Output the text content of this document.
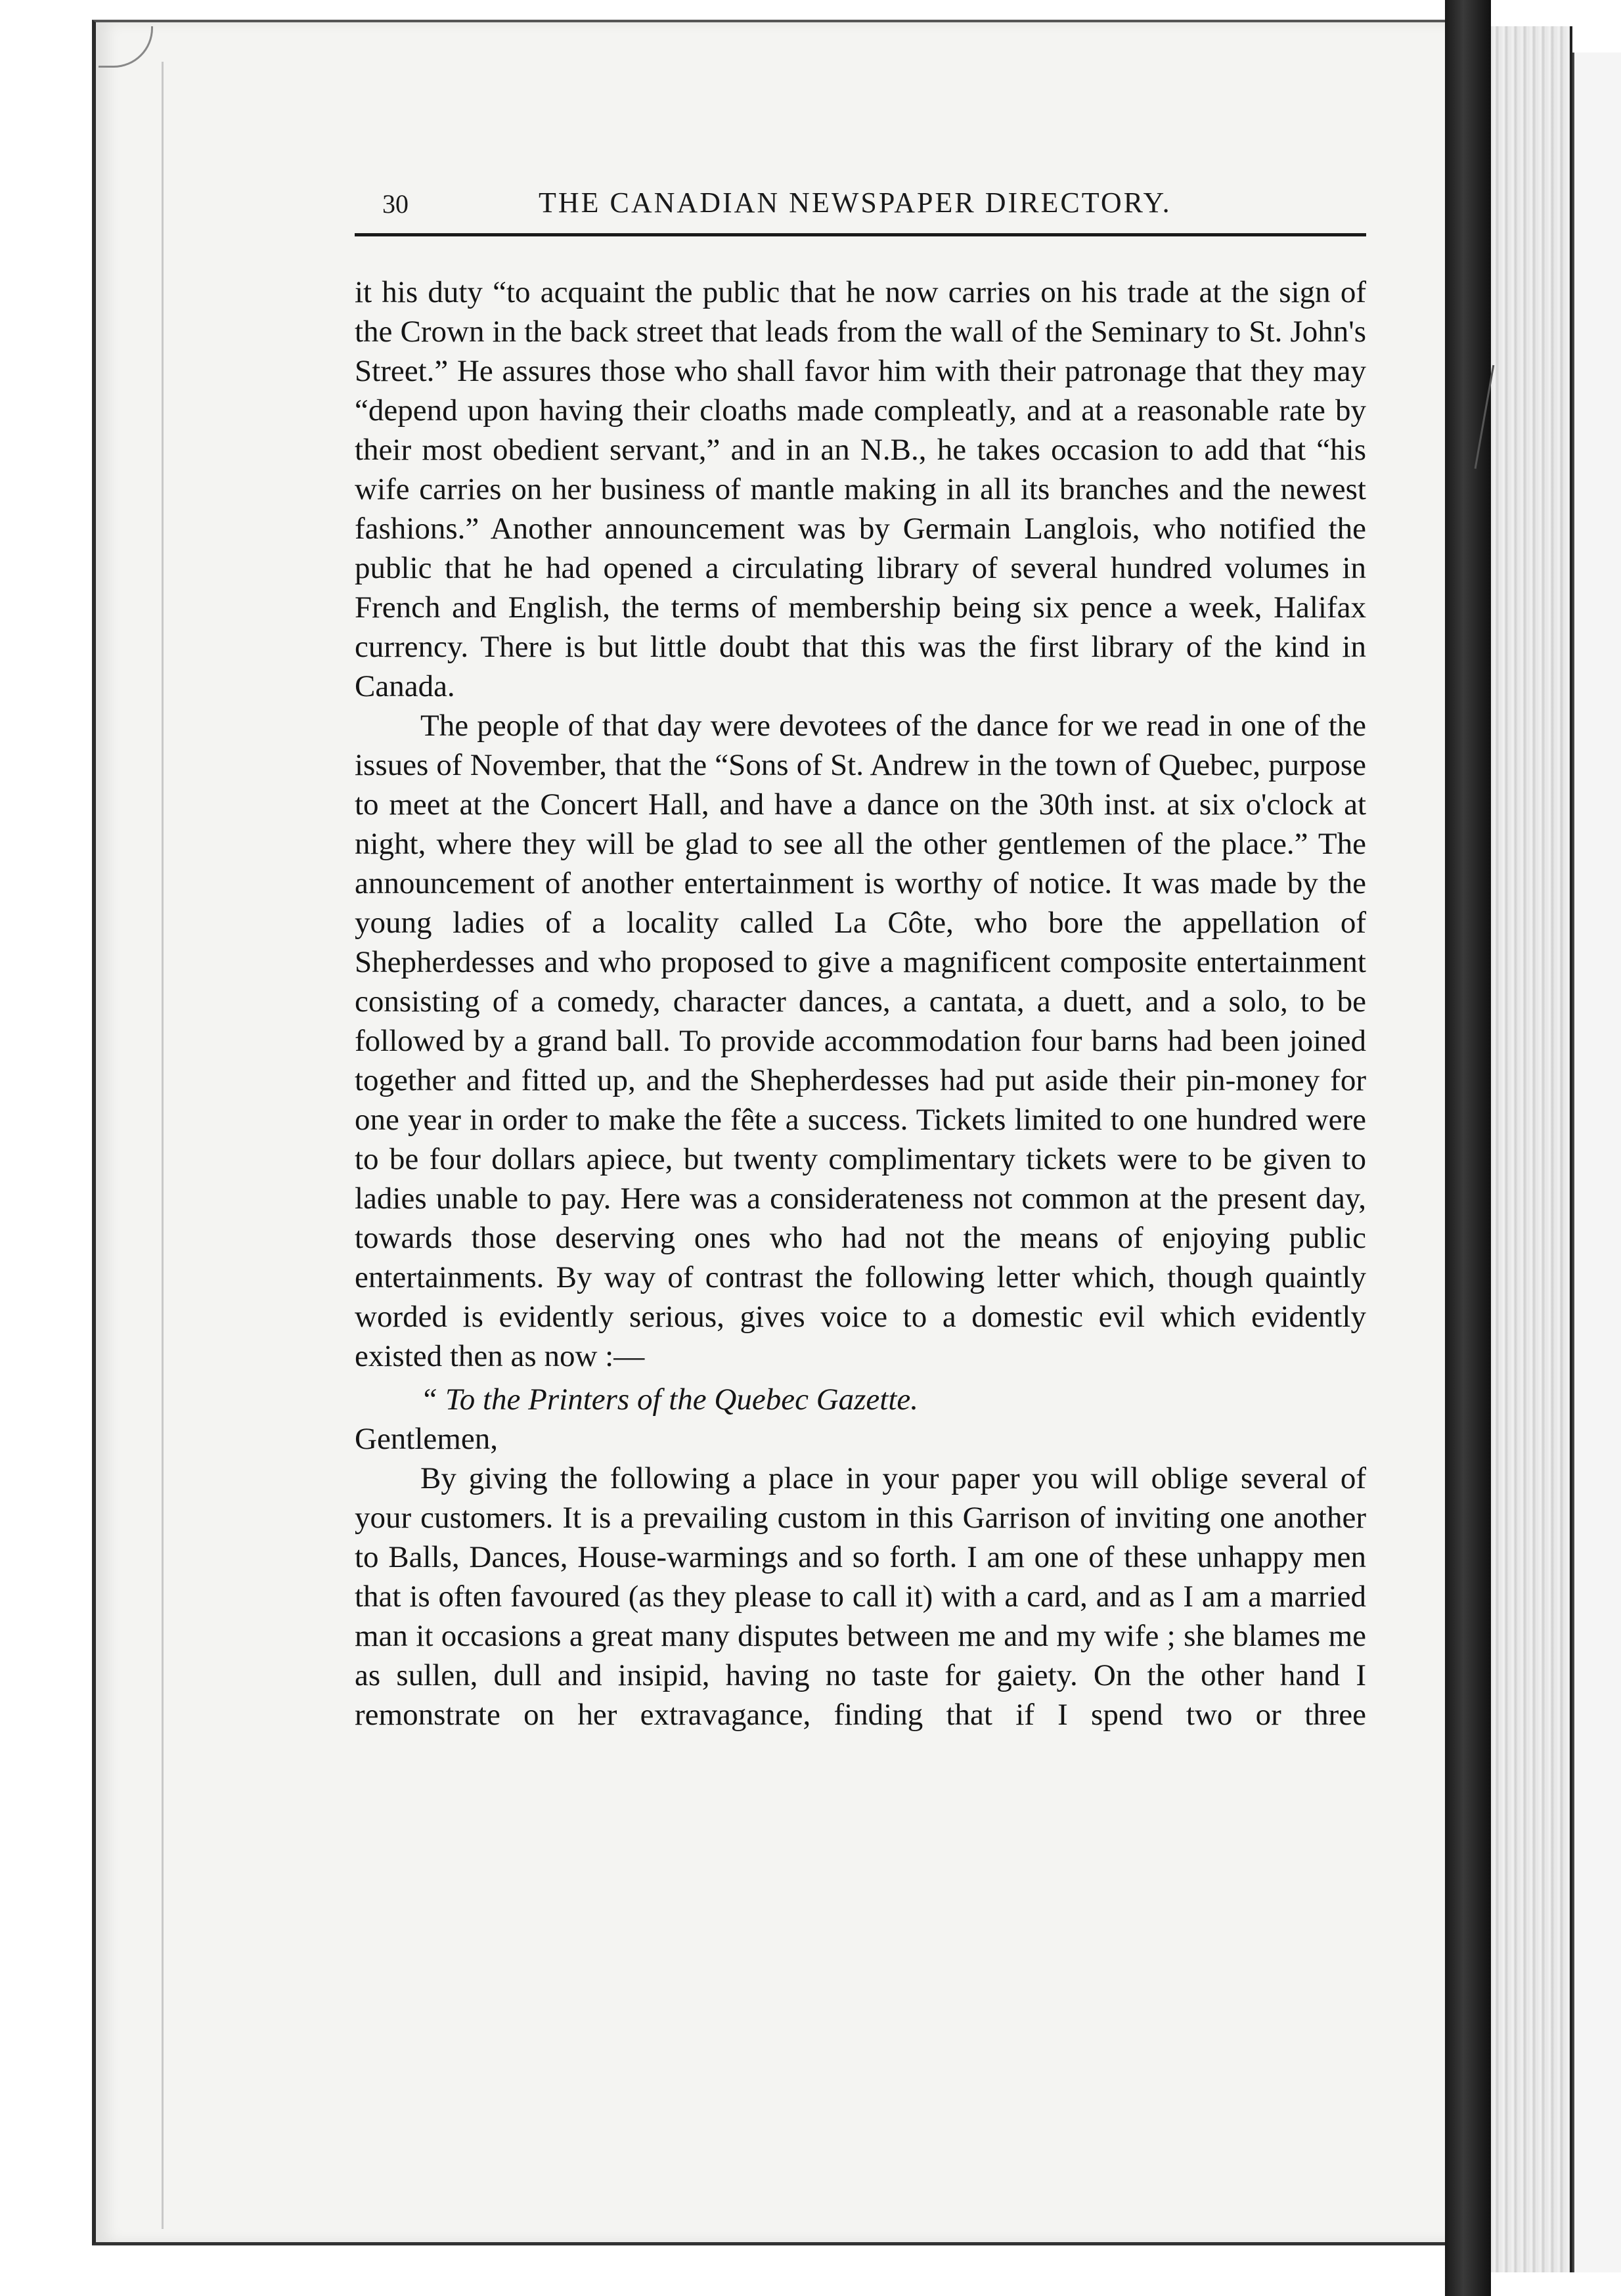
30	THE CANADIAN NEWSPAPER DIRECTORY.

it his duty “to acquaint the public that he now carries on his trade at the sign of the Crown in the back street that leads from the wall of the Seminary to St. John's Street.” He assures those who shall favor him with their patronage that they may “depend upon having their cloaths made compleatly, and at a reasonable rate by their most obedient servant,” and in an N.B., he takes occasion to add that “his wife carries on her business of mantle making in all its branches and the newest fashions.” Another announcement was by Germain Langlois, who notified the public that he had opened a circulating library of several hundred volumes in French and English, the terms of membership being six pence a week, Halifax currency. There is but little doubt that this was the first library of the kind in Canada.

The people of that day were devotees of the dance for we read in one of the issues of November, that the “Sons of St. Andrew in the town of Quebec, purpose to meet at the Concert Hall, and have a dance on the 30th inst. at six o'clock at night, where they will be glad to see all the other gentlemen of the place.” The announcement of another entertainment is worthy of notice. It was made by the young ladies of a locality called La Côte, who bore the appellation of Shepherdesses and who proposed to give a magnificent composite entertainment consisting of a comedy, character dances, a cantata, a duett, and a solo, to be followed by a grand ball. To provide accommodation four barns had been joined together and fitted up, and the Shepherdesses had put aside their pin-money for one year in order to make the fête a success. Tickets limited to one hundred were to be four dollars apiece, but twenty complimentary tickets were to be given to ladies unable to pay. Here was a considerateness not common at the present day, towards those deserving ones who had not the means of enjoying public entertainments. By way of contrast the following letter which, though quaintly worded is evidently serious, gives voice to a domestic evil which evidently existed then as now :—

“ To the Printers of the Quebec Gazette.

Gentlemen,

By giving the following a place in your paper you will oblige several of your customers. It is a prevailing custom in this Garrison of inviting one another to Balls, Dances, House-warmings and so forth. I am one of these unhappy men that is often favoured (as they please to call it) with a card, and as I am a married man it occasions a great many disputes between me and my wife ; she blames me as sullen, dull and insipid, having no taste for gaiety. On the other hand I remonstrate on her extravagance, finding that if I spend two or three
